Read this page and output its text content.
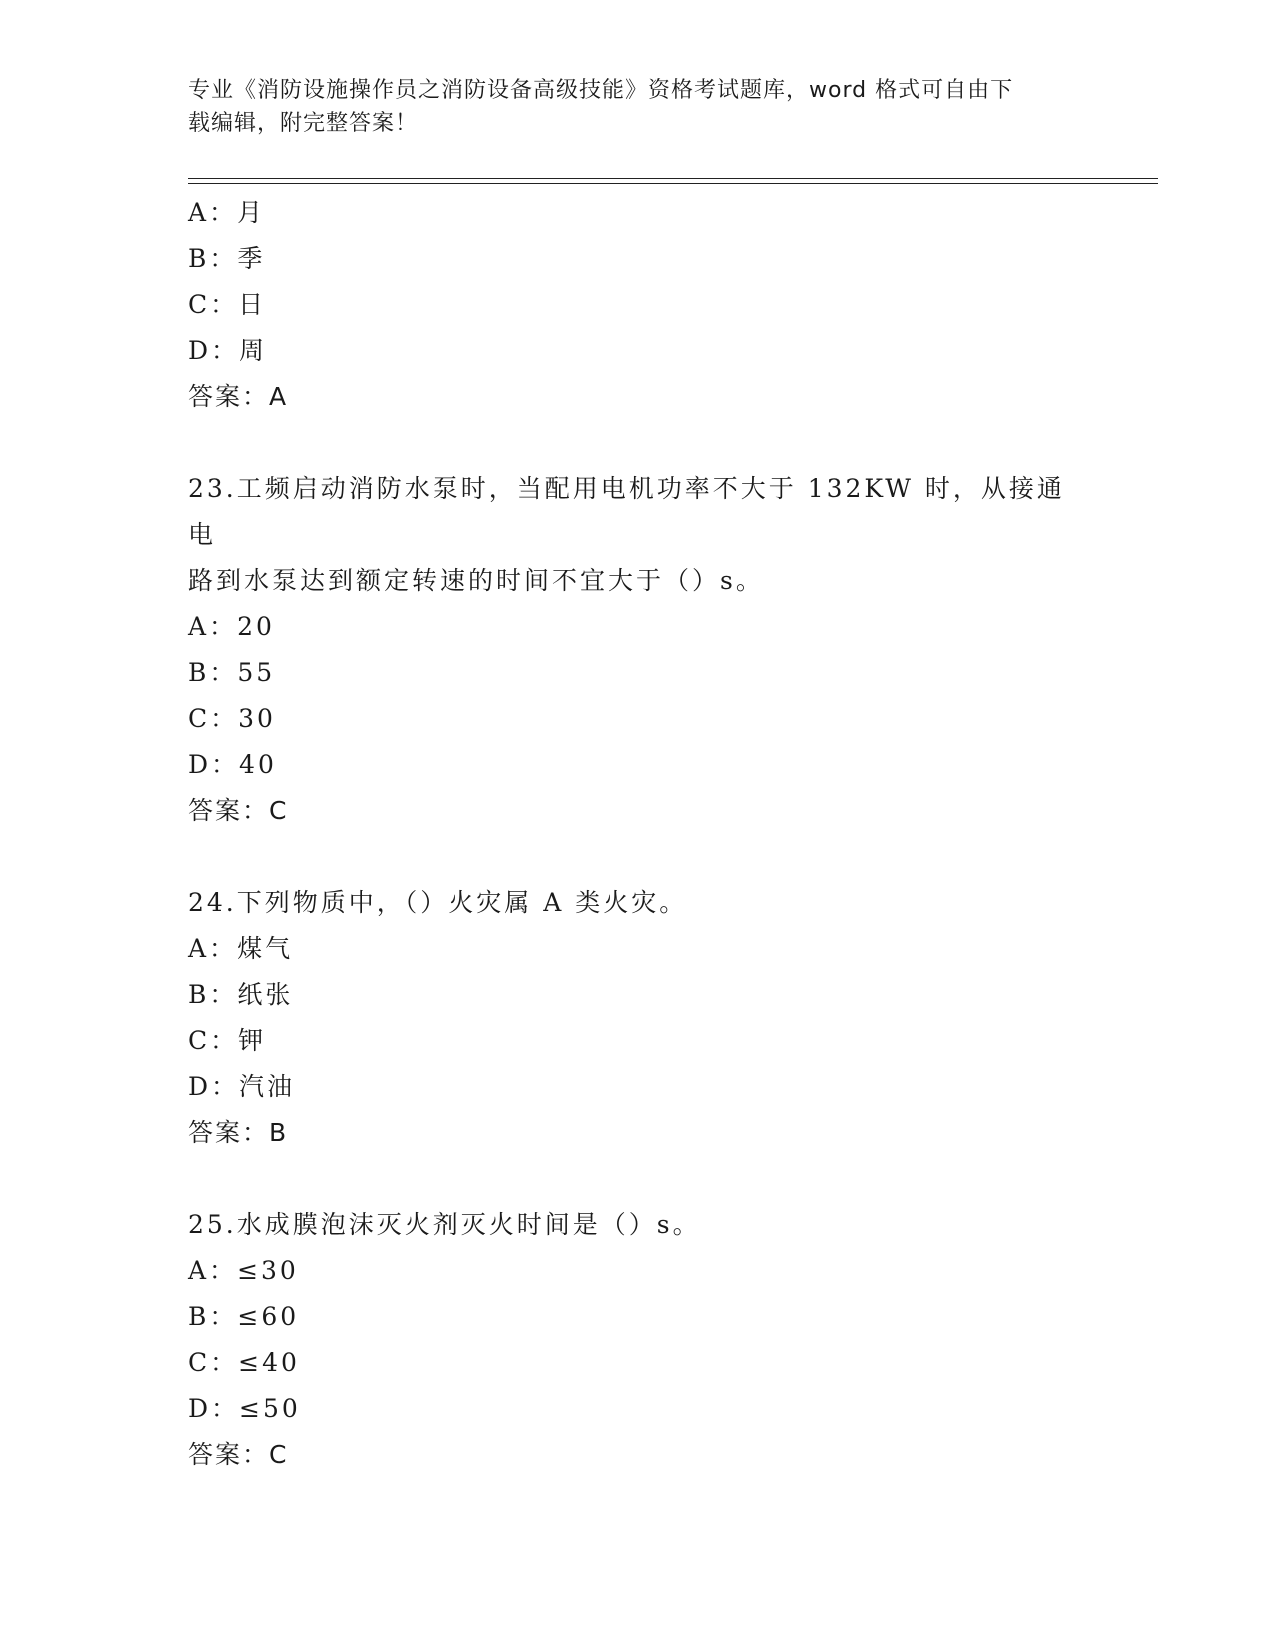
专业《消防设施操作员之消防设备高级技能》资格考试题库，word 格式可自由下
载编辑，附完整答案！
A：月
B：季
C：日
D：周
答案：A
23.工频启动消防水泵时，当配用电机功率不大于 132KW 时，从接通电
路到水泵达到额定转速的时间不宜大于（）s。
A：20
B：55
C：30
D：40
答案：C
24.下列物质中，（）火灾属 A 类火灾。
A：煤气
B：纸张
C：钾
D：汽油
答案：B
25.水成膜泡沫灭火剂灭火时间是（）s。
A：≤30
B：≤60
C：≤40
D：≤50
答案：C
